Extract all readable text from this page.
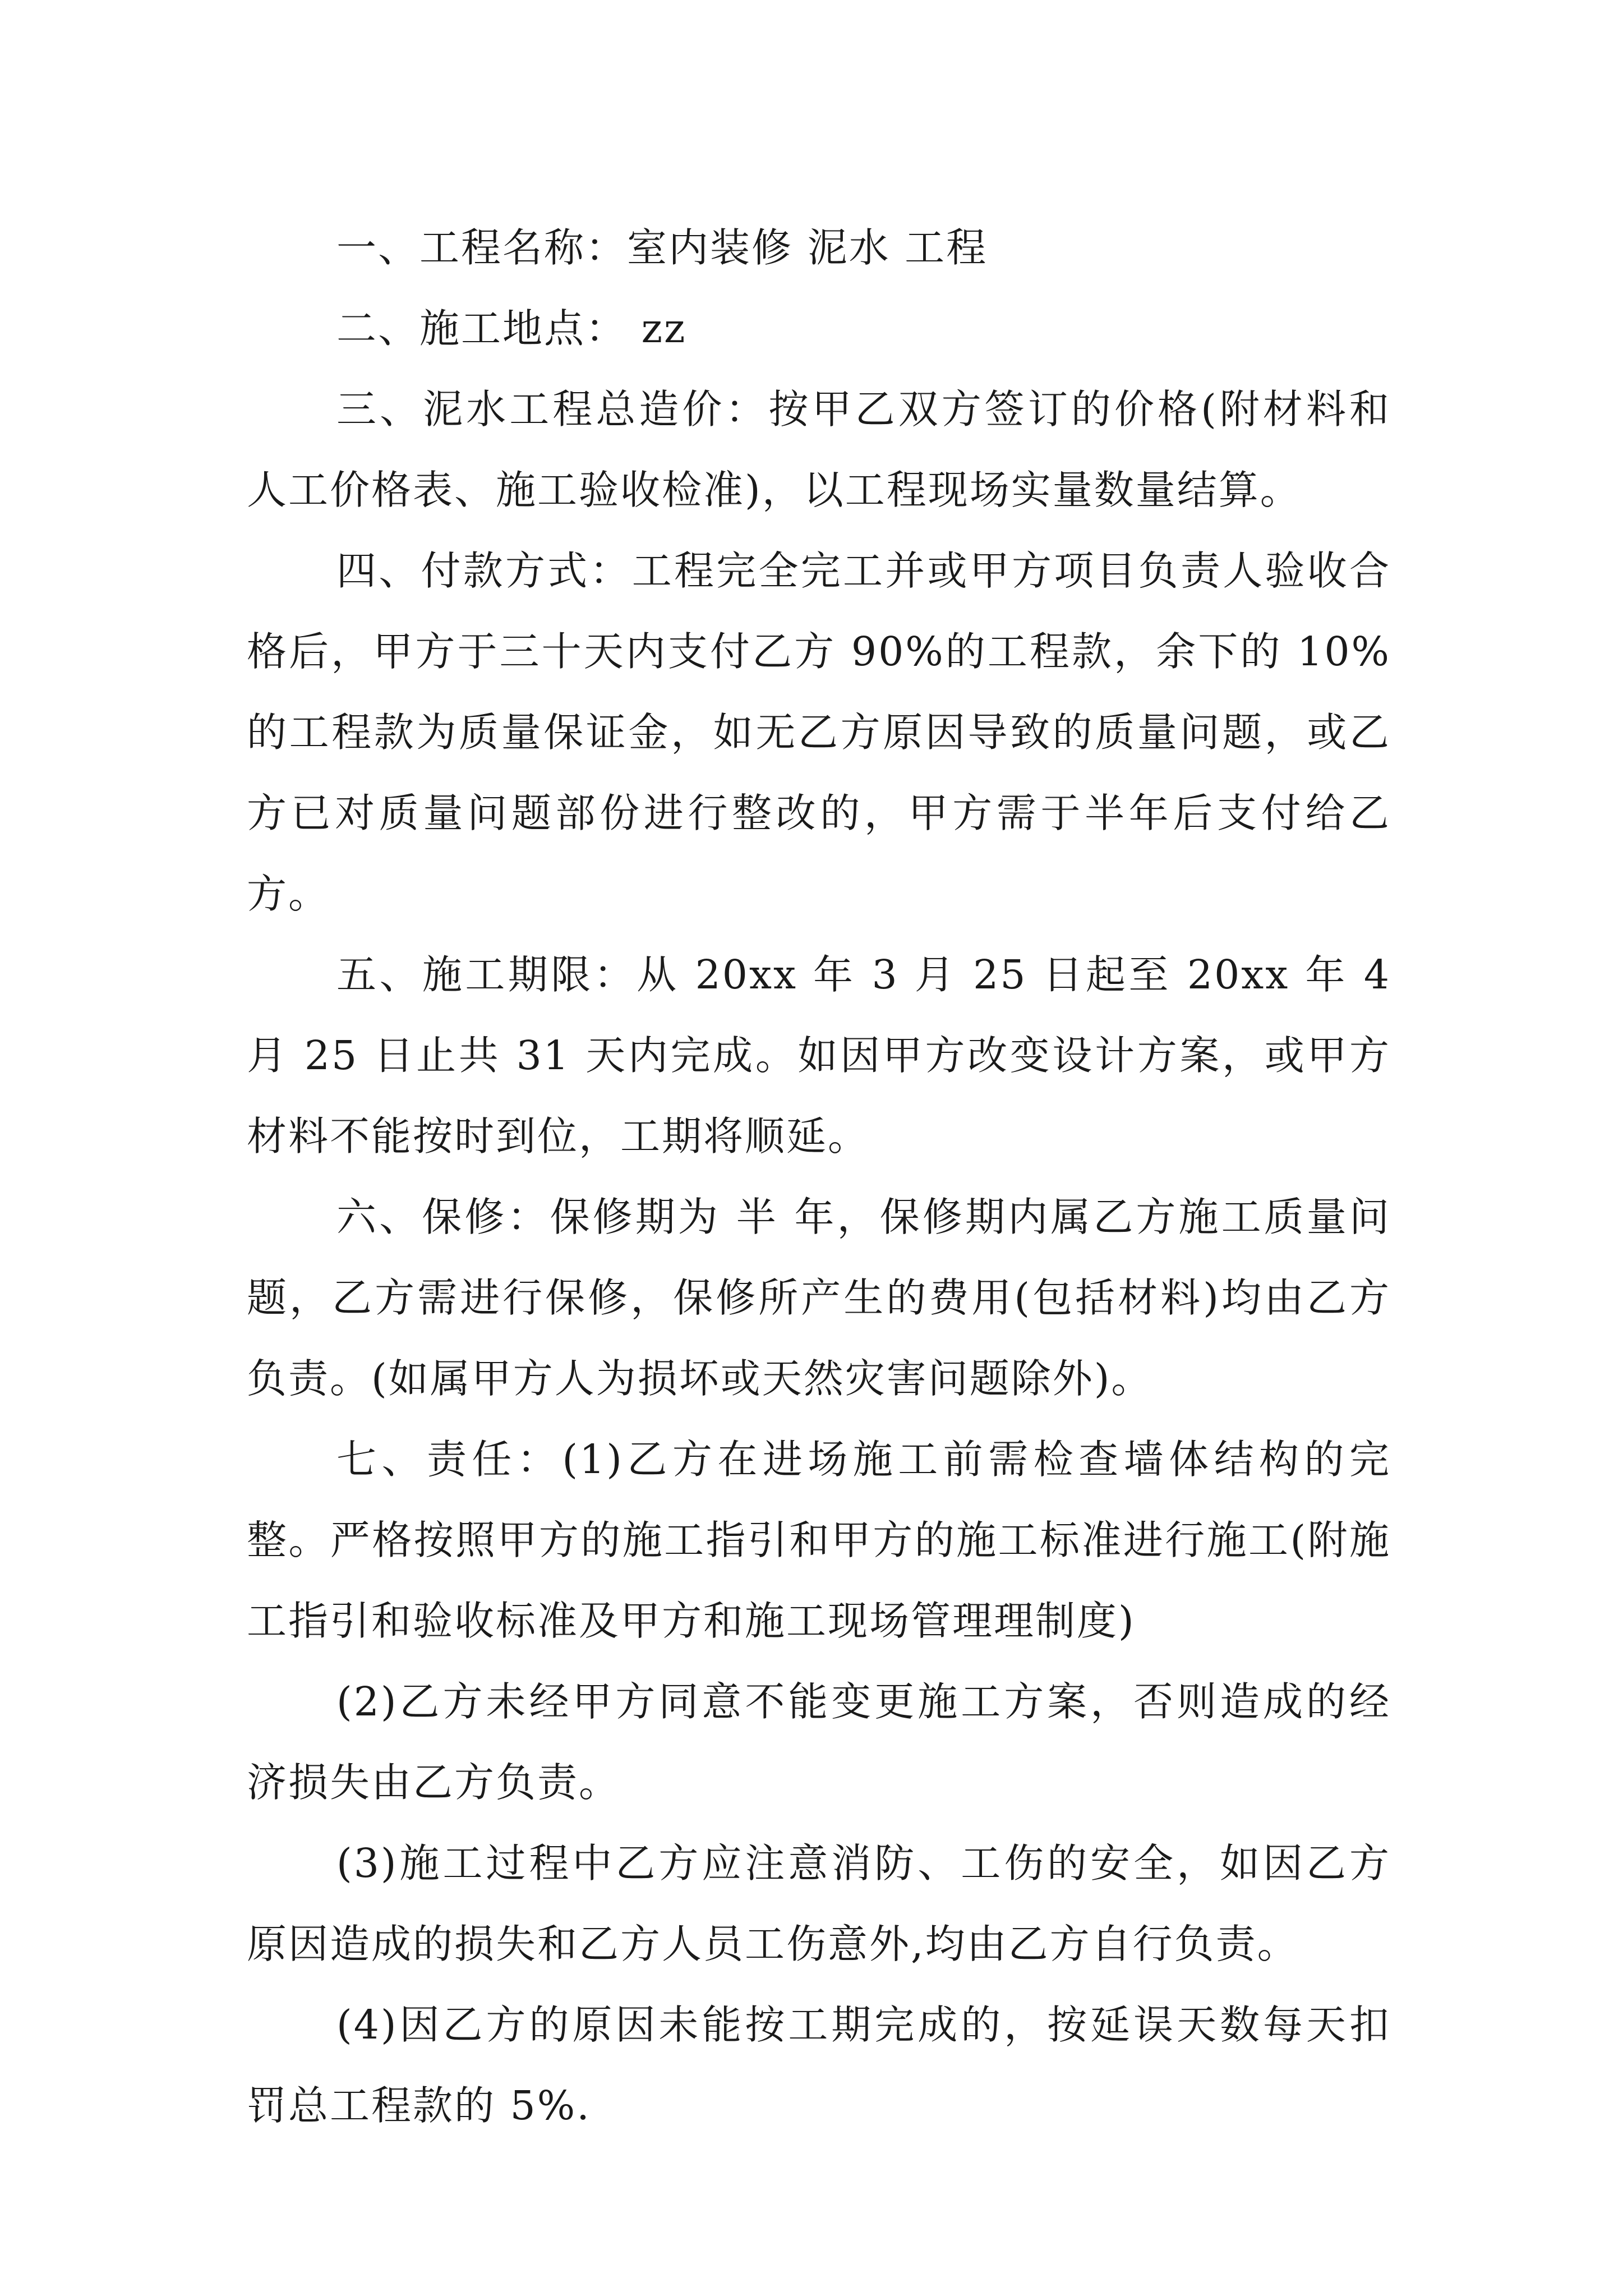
一、工程名称：室内装修 泥水 工程

二、施工地点： zz

三、泥水工程总造价：按甲乙双方签订的价格(附材料和人工价格表、施工验收检准)，以工程现场实量数量结算。

四、付款方式：工程完全完工并或甲方项目负责人验收合格后，甲方于三十天内支付乙方 90%的工程款，余下的 10%的工程款为质量保证金，如无乙方原因导致的质量问题，或乙方已对质量问题部份进行整改的，甲方需于半年后支付给乙方。

五、施工期限：从 20xx 年 3 月 25 日起至 20xx 年 4 月 25 日止共 31 天内完成。如因甲方改变设计方案，或甲方材料不能按时到位，工期将顺延。

六、保修：保修期为 半 年，保修期内属乙方施工质量问题，乙方需进行保修，保修所产生的费用(包括材料)均由乙方负责。(如属甲方人为损坏或天然灾害问题除外)。

七、责任：(1)乙方在进场施工前需检查墙体结构的完整。严格按照甲方的施工指引和甲方的施工标准进行施工(附施工指引和验收标准及甲方和施工现场管理理制度)

(2)乙方未经甲方同意不能变更施工方案，否则造成的经济损失由乙方负责。

(3)施工过程中乙方应注意消防、工伤的安全，如因乙方原因造成的损失和乙方人员工伤意外,均由乙方自行负责。

(4)因乙方的原因未能按工期完成的，按延误天数每天扣罚总工程款的 5%.
